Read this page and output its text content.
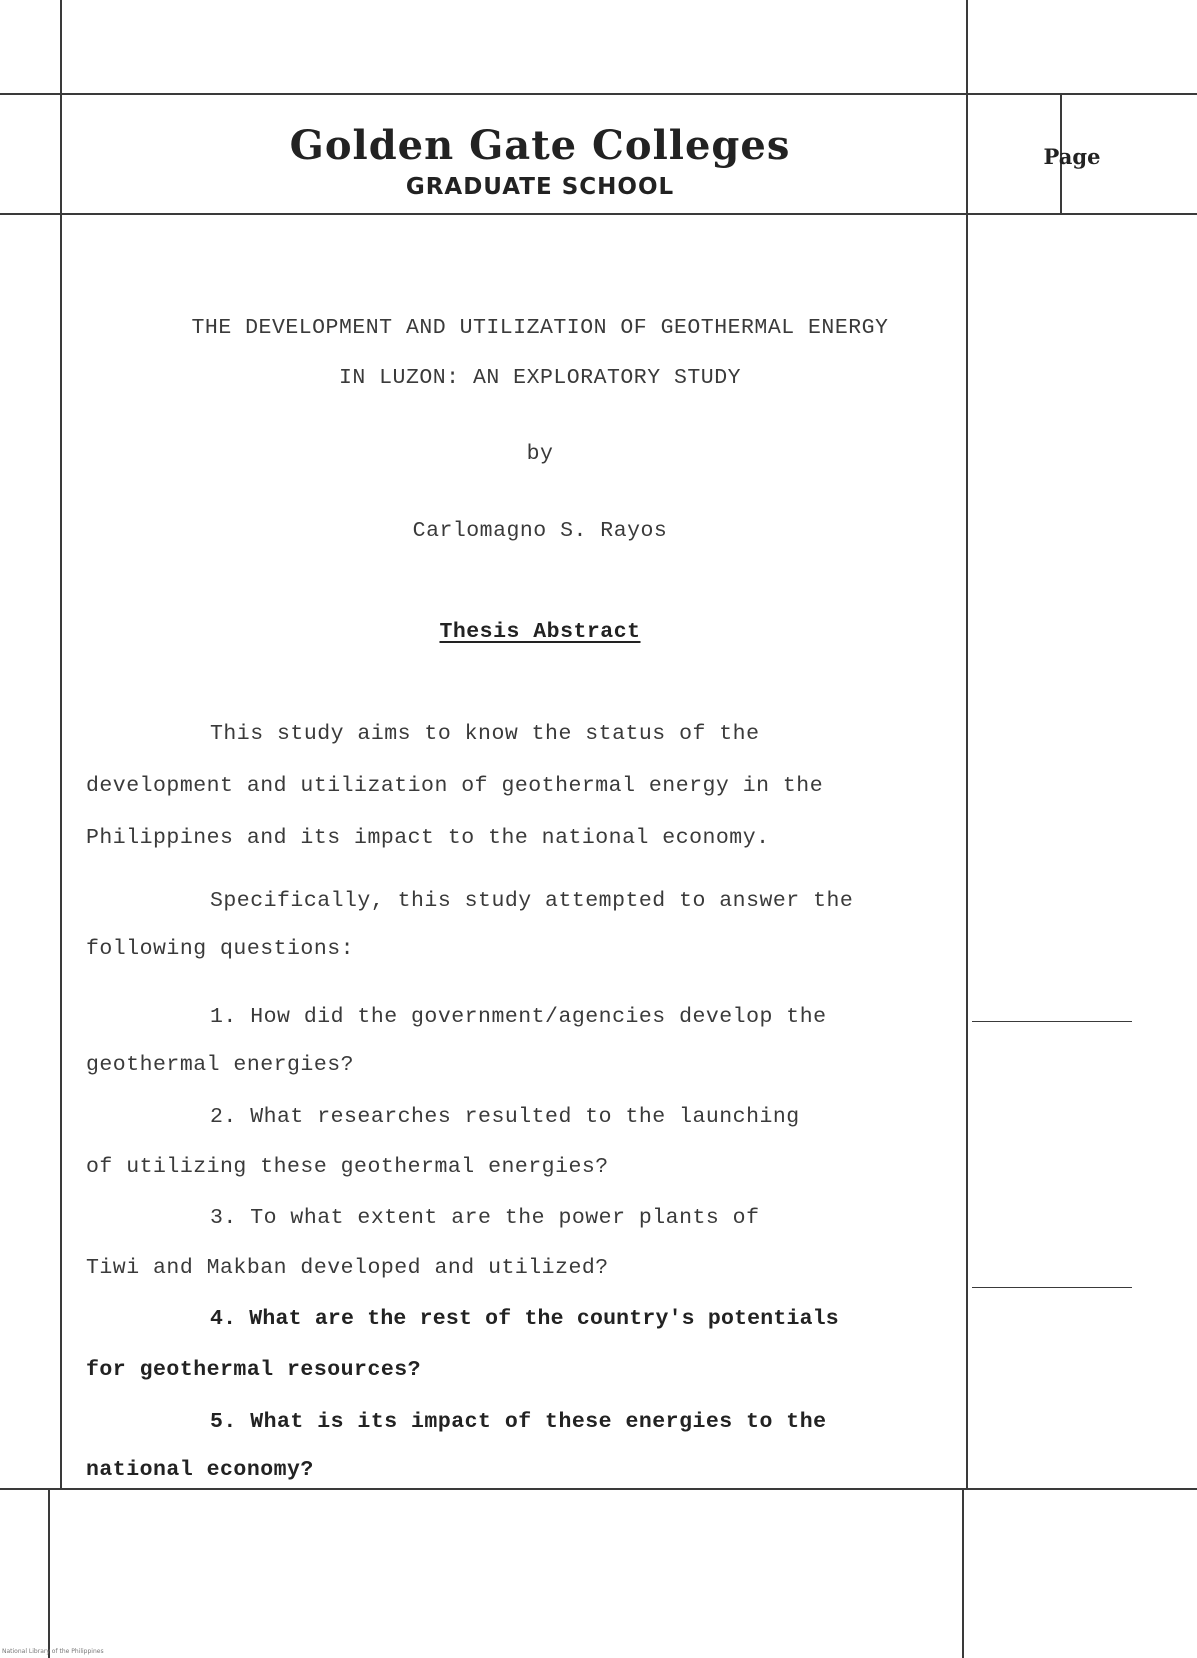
Golden Gate Colleges
GRADUATE SCHOOL
Page
THE DEVELOPMENT AND UTILIZATION OF GEOTHERMAL ENERGY
IN LUZON: AN EXPLORATORY STUDY
by
Carlomagno S. Rayos
Thesis Abstract
This study aims to know the status of the
development and utilization of geothermal energy in the
Philippines and its impact to the national economy.
Specifically, this study attempted to answer the
following questions:
1. How did the government/agencies develop the
geothermal energies?
2. What researches resulted to the launching
of utilizing these geothermal energies?
3. To what extent are the power plants of
Tiwi and Makban developed and utilized?
4. What are the rest of the country's potentials
for geothermal resources?
5. What is its impact of these energies to the
national economy?
National Library of the Philippines
